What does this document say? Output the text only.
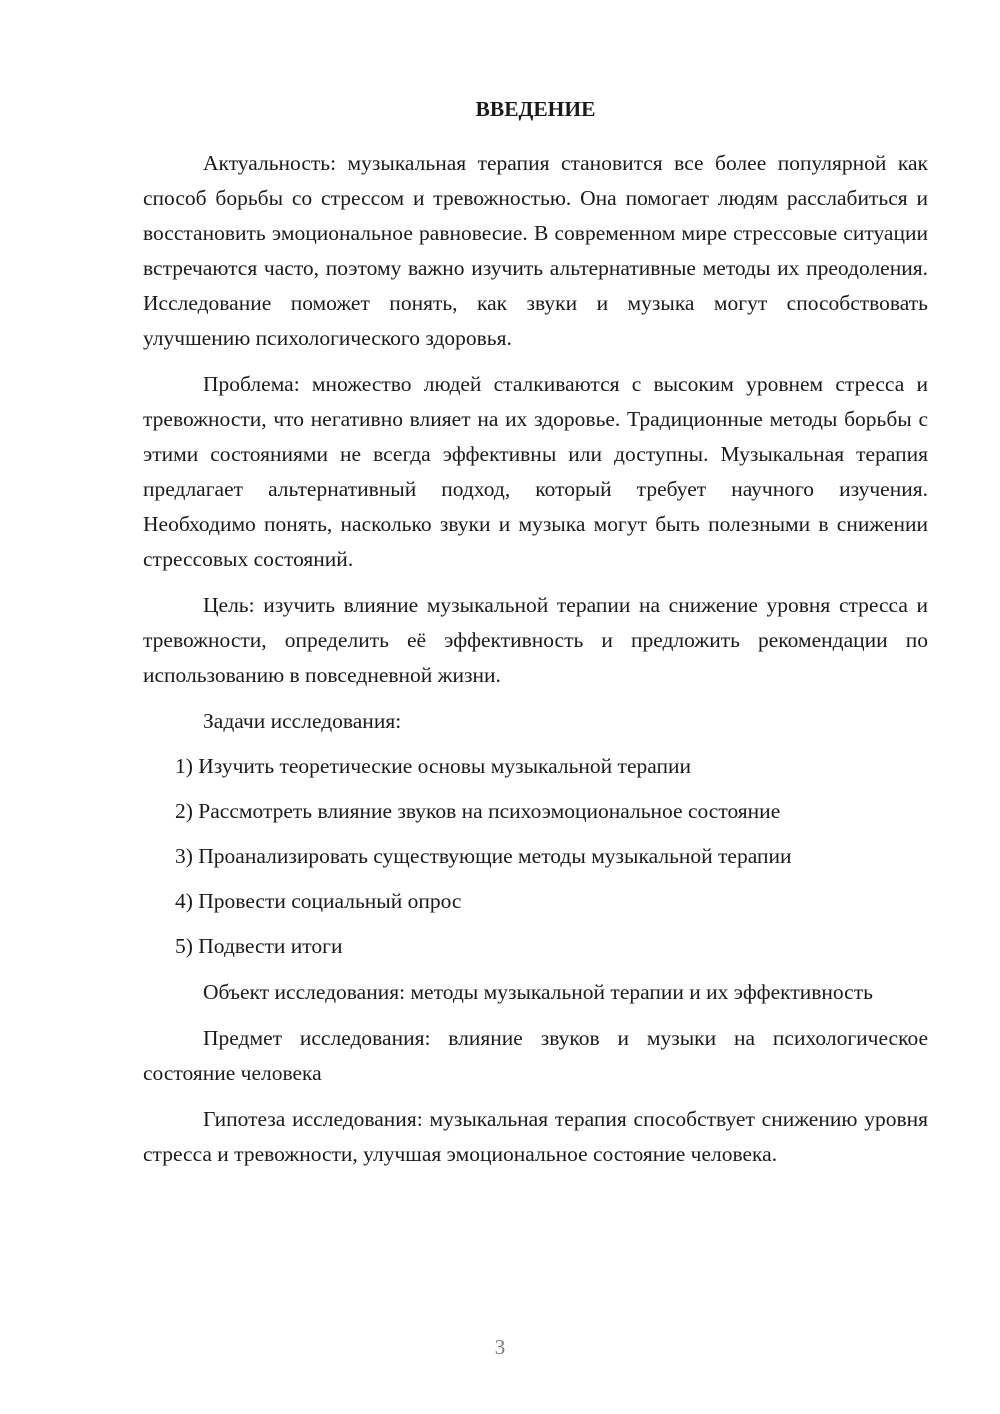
ВВЕДЕНИЕ

Актуальность: музыкальная терапия становится все более популярной как способ борьбы со стрессом и тревожностью. Она помогает людям расслабиться и восстановить эмоциональное равновесие. В современном мире стрессовые ситуации встречаются часто, поэтому важно изучить альтернативные методы их преодоления. Исследование поможет понять, как звуки и музыка могут способствовать улучшению психологического здоровья.

Проблема: множество людей сталкиваются с высоким уровнем стресса и тревожности, что негативно влияет на их здоровье. Традиционные методы борьбы с этими состояниями не всегда эффективны или доступны. Музыкальная терапия предлагает альтернативный подход, который требует научного изучения. Необходимо понять, насколько звуки и музыка могут быть полезными в снижении стрессовых состояний.

Цель: изучить влияние музыкальной терапии на снижение уровня стресса и тревожности, определить её эффективность и предложить рекомендации по использованию в повседневной жизни.

Задачи исследования:
1) Изучить теоретические основы музыкальной терапии
2) Рассмотреть влияние звуков на психоэмоциональное состояние
3) Проанализировать существующие методы музыкальной терапии
4) Провести социальный опрос
5) Подвести итоги

Объект исследования: методы музыкальной терапии и их эффективность

Предмет исследования: влияние звуков и музыки на психологическое состояние человека

Гипотеза исследования: музыкальная терапия способствует снижению уровня стресса и тревожности, улучшая эмоциональное состояние человека.

3
